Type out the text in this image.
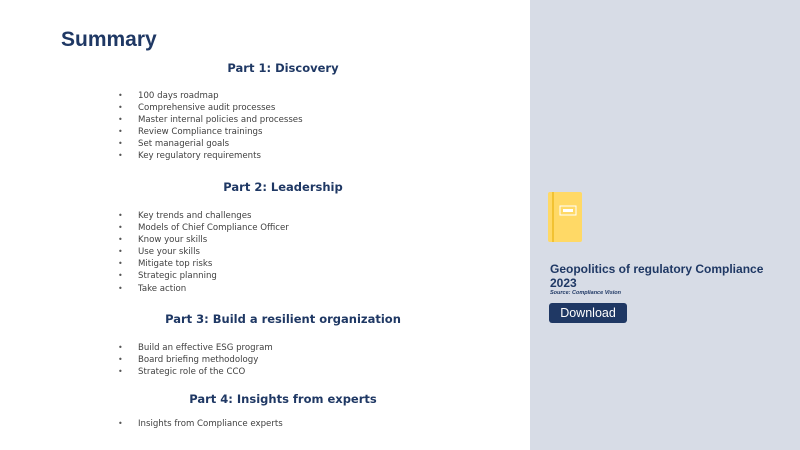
Summary
Part 1: Discovery
• 100 days roadmap
• Comprehensive audit processes
• Master internal policies and processes
• Review Compliance trainings
• Set managerial goals
• Key regulatory requirements
Part 2: Leadership
• Key trends and challenges
• Models of Chief Compliance Officer
• Know your skills
• Use your skills
• Mitigate top risks
• Strategic planning
• Take action
Part 3: Build a resilient organization
• Build an effective ESG program
• Board briefing methodology
• Strategic role of the CCO
Part 4: Insights from experts
• Insights from Compliance experts
Geopolitics of regulatory Compliance 2023
Source: Compliance Vision
Download
